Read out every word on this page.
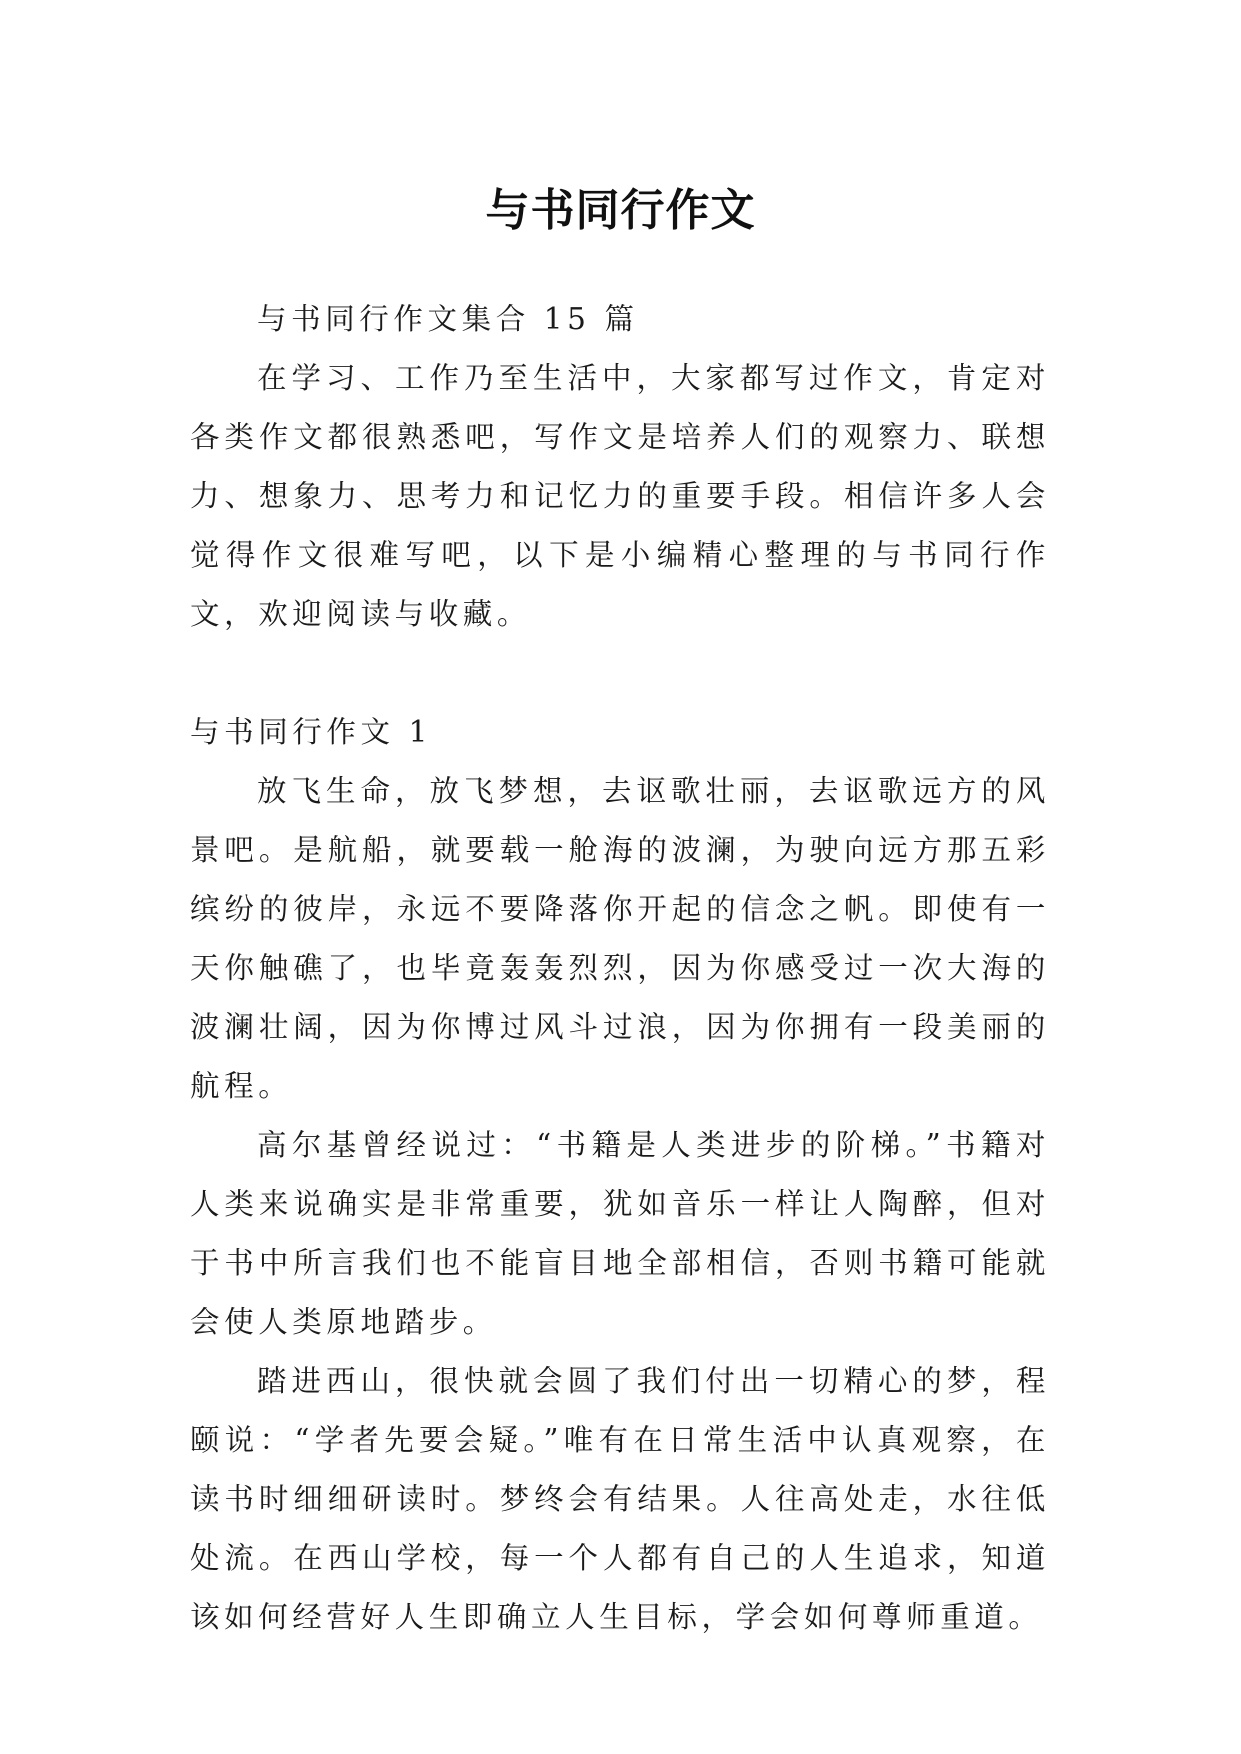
与书同行作文

与书同行作文集合 15 篇

在学习、工作乃至生活中，大家都写过作文，肯定对各类作文都很熟悉吧，写作文是培养人们的观察力、联想力、想象力、思考力和记忆力的重要手段。相信许多人会觉得作文很难写吧，以下是小编精心整理的与书同行作文，欢迎阅读与收藏。

与书同行作文 1

放飞生命，放飞梦想，去讴歌壮丽，去讴歌远方的风景吧。是航船，就要载一舱海的波澜，为驶向远方那五彩缤纷的彼岸，永远不要降落你开起的信念之帆。即使有一天你触礁了，也毕竟轰轰烈烈，因为你感受过一次大海的波澜壮阔，因为你博过风斗过浪，因为你拥有一段美丽的航程。

高尔基曾经说过：“书籍是人类进步的阶梯。”书籍对人类来说确实是非常重要，犹如音乐一样让人陶醉，但对于书中所言我们也不能盲目地全部相信，否则书籍可能就会使人类原地踏步。

踏进西山，很快就会圆了我们付出一切精心的梦，程颐说：“学者先要会疑。”唯有在日常生活中认真观察，在读书时细细研读时。梦终会有结果。人往高处走，水往低处流。在西山学校，每一个人都有自己的人生追求，知道该如何经营好人生即确立人生目标，学会如何尊师重道。
